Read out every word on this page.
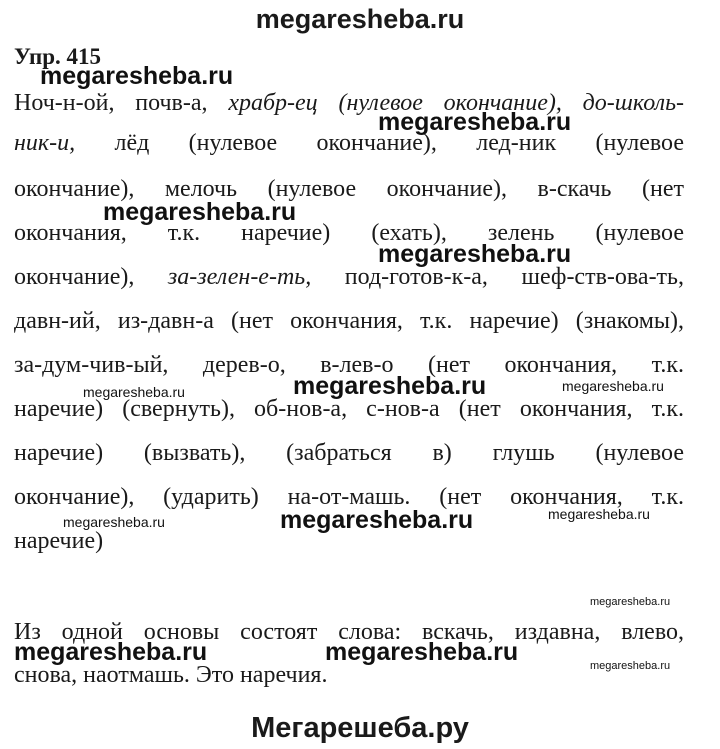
megaresheba.ru
Упр. 415
Ноч-н-ой, почв-а, храбр-ец (нулевое окончание), до-школь-
ник-и, лёд (нулевое окончание), лед-ник (нулевое
окончание), мелочь (нулевое окончание), в-скачь (нет
окончания, т.к. наречие) (ехать), зелень (нулевое
окончание), за-зелен-е-ть, под-готов-к-а, шеф-ств-ова-ть,
давн-ий, из-давн-а (нет окончания, т.к. наречие) (знакомы),
за-дум-чив-ый, дерев-о, в-лев-о (нет окончания, т.к.
наречие) (свернуть), об-нов-а, с-нов-а (нет окончания, т.к.
наречие) (вызвать), (забраться в) глушь (нулевое
окончание), (ударить) на-от-машь. (нет окончания, т.к.
наречие)
Из одной основы состоят слова: вскачь, издавна, влево,
снова, наотмашь. Это наречия.
megaresheba.ru
megaresheba.ru
megaresheba.ru
megaresheba.ru
megaresheba.ru
megaresheba.ru	megaresheba.ru
megaresheba.ru
megaresheba.ru	megaresheba.ru
megaresheba.ru
megaresheba.ru	megaresheba.ru	megaresheba.ru
Мегарешеба.ру
